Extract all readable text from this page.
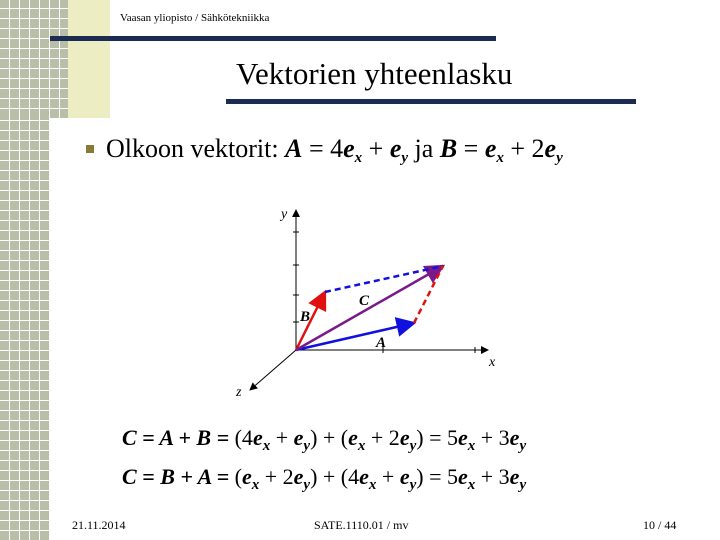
Vaasan yliopisto / Sähkötekniikka
Vektorien yhteenlasku
Olkoon vektorit: $A = 4e_x + e_y$ ja $B = e_x + 2e_y$
y
x
z
A
B
C
$C = A + B = (4e_x + e_y) + (e_x + 2e_y) = 5e_x + 3e_y$
$C = B + A = (e_x + 2e_y) + (4e_x + e_y) = 5e_x + 3e_y$
21.11.2014	SATE.1110.01 / mv	10 / 44
